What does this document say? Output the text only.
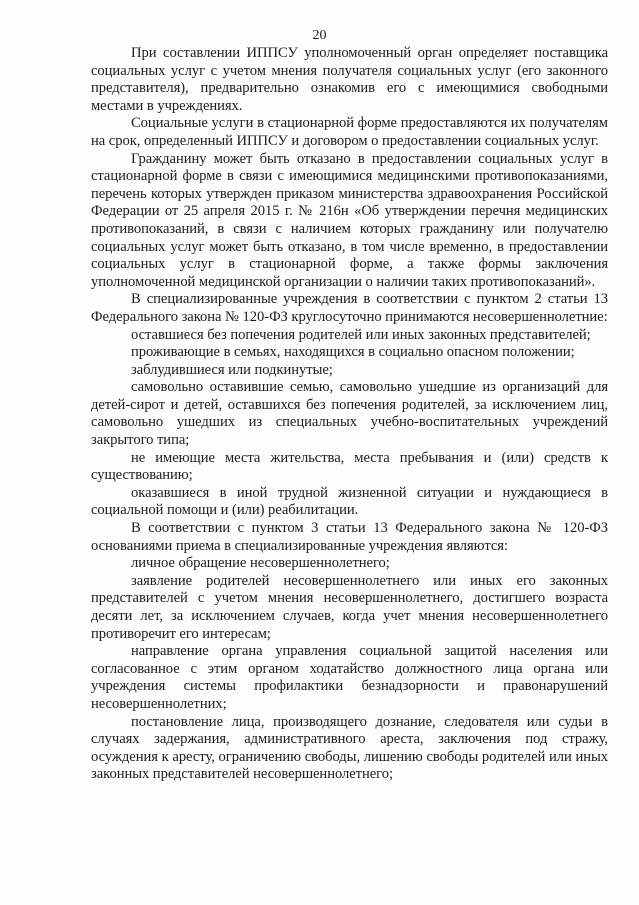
20

При составлении ИППСУ уполномоченный орган определяет поставщика социальных услуг с учетом мнения получателя социальных услуг (его законного представителя), предварительно ознакомив его с имеющимися свободными местами в учреждениях.

Социальные услуги в стационарной форме предоставляются их получателям на срок, определенный ИППСУ и договором о предоставлении социальных услуг.

Гражданину может быть отказано в предоставлении социальных услуг в стационарной форме в связи с имеющимися медицинскими противопоказаниями, перечень которых утвержден приказом министерства здравоохранения Российской Федерации от 25 апреля 2015 г. № 216н «Об утверждении перечня медицинских противопоказаний, в связи с наличием которых гражданину или получателю социальных услуг может быть отказано, в том числе временно, в предоставлении социальных услуг в стационарной форме, а также формы заключения уполномоченной медицинской организации о наличии таких противопоказаний».

В специализированные учреждения в соответствии с пунктом 2 статьи 13 Федерального закона № 120-ФЗ круглосуточно принимаются несовершеннолетние:

оставшиеся без попечения родителей или иных законных представителей;

проживающие в семьях, находящихся в социально опасном положении;

заблудившиеся или подкинутые;

самовольно оставившие семью, самовольно ушедшие из организаций для детей-сирот и детей, оставшихся без попечения родителей, за исключением лиц, самовольно ушедших из специальных учебно-воспитательных учреждений закрытого типа;

не имеющие места жительства, места пребывания и (или) средств к существованию;

оказавшиеся в иной трудной жизненной ситуации и нуждающиеся в социальной помощи и (или) реабилитации.

В соответствии с пунктом 3 статьи 13 Федерального закона № 120-ФЗ основаниями приема в специализированные учреждения являются:

личное обращение несовершеннолетнего;

заявление родителей несовершеннолетнего или иных его законных представителей с учетом мнения несовершеннолетнего, достигшего возраста десяти лет, за исключением случаев, когда учет мнения несовершеннолетнего противоречит его интересам;

направление органа управления социальной защитой населения или согласованное с этим органом ходатайство должностного лица органа или учреждения системы профилактики безнадзорности и правонарушений несовершеннолетних;

постановление лица, производящего дознание, следователя или судьи в случаях задержания, административного ареста, заключения под стражу, осуждения к аресту, ограничению свободы, лишению свободы родителей или иных законных представителей несовершеннолетнего;
